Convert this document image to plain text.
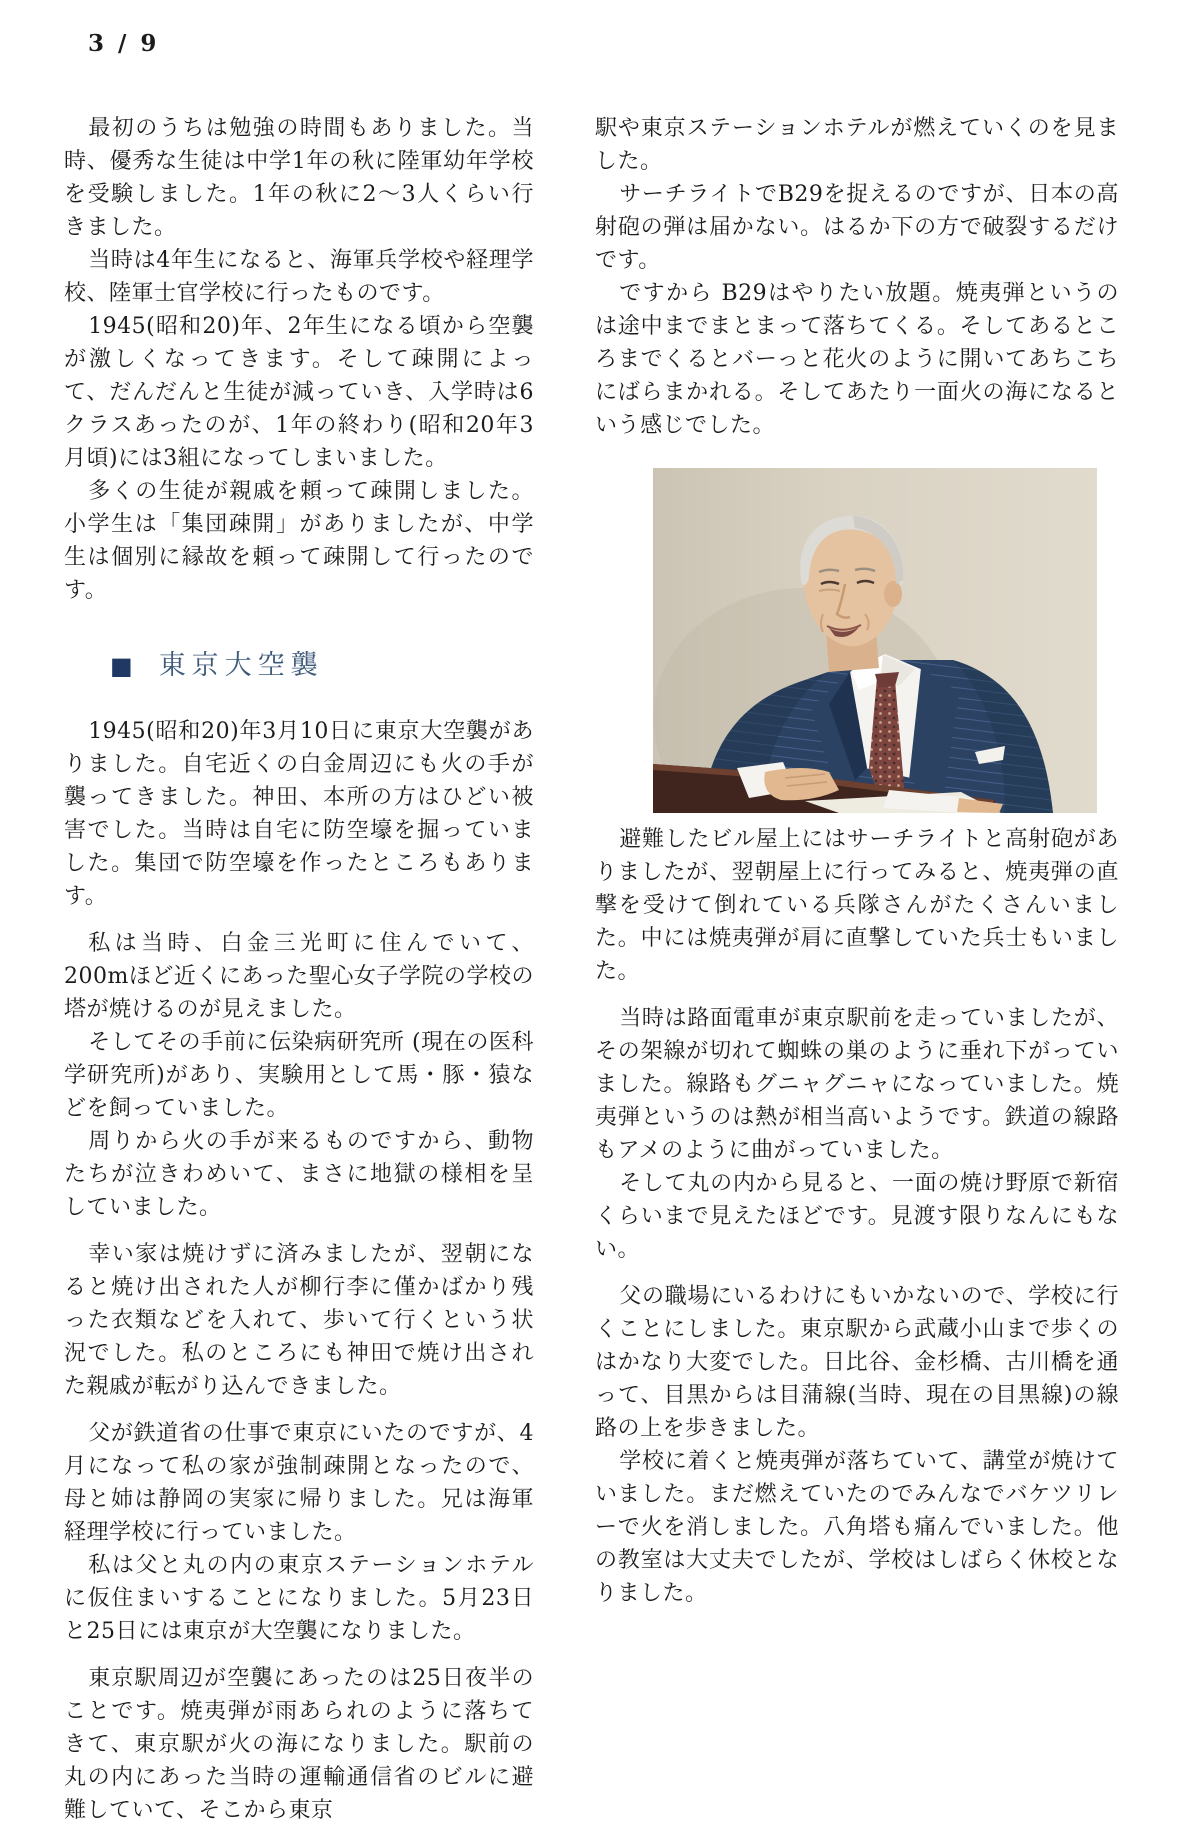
3 / 9

最初のうちは勉強の時間もありました。当時、優秀な生徒は中学1年の秋に陸軍幼年学校を受験しました。1年の秋に2〜3人くらい行きました。

当時は4年生になると、海軍兵学校や経理学校、陸軍士官学校に行ったものです。

1945(昭和20)年、2年生になる頃から空襲が激しくなってきます。そして疎開によって、だんだんと生徒が減っていき、入学時は6クラスあったのが、1年の終わり(昭和20年3月頃)には3組になってしまいました。

多くの生徒が親戚を頼って疎開しました。小学生は「集団疎開」がありましたが、中学生は個別に縁故を頼って疎開して行ったのです。

■ 東京大空襲

1945(昭和20)年3月10日に東京大空襲がありました。自宅近くの白金周辺にも火の手が襲ってきました。神田、本所の方はひどい被害でした。当時は自宅に防空壕を掘っていました。集団で防空壕を作ったところもあります。

私は当時、白金三光町に住んでいて、200mほど近くにあった聖心女子学院の学校の塔が焼けるのが見えました。

そしてその手前に伝染病研究所 (現在の医科学研究所)があり、実験用として馬・豚・猿などを飼っていました。

周りから火の手が来るものですから、動物たちが泣きわめいて、まさに地獄の様相を呈していました。

幸い家は焼けずに済みましたが、翌朝になると焼け出された人が柳行李に僅かばかり残った衣類などを入れて、歩いて行くという状況でした。私のところにも神田で焼け出された親戚が転がり込んできました。

父が鉄道省の仕事で東京にいたのですが、4月になって私の家が強制疎開となったので、母と姉は静岡の実家に帰りました。兄は海軍経理学校に行っていました。

私は父と丸の内の東京ステーションホテルに仮住まいすることになりました。5月23日と25日には東京が大空襲になりました。

東京駅周辺が空襲にあったのは25日夜半のことです。焼夷弾が雨あられのように落ちてきて、東京駅が火の海になりました。駅前の丸の内にあった当時の運輸通信省のビルに避難していて、そこから東京

駅や東京ステーションホテルが燃えていくのを見ました。

サーチライトでB29を捉えるのですが、日本の高射砲の弾は届かない。はるか下の方で破裂するだけです。

ですから B29はやりたい放題。焼夷弾というのは途中までまとまって落ちてくる。そしてあるところまでくるとバーっと花火のように開いてあちこちにばらまかれる。そしてあたり一面火の海になるという感じでした。

避難したビル屋上にはサーチライトと高射砲がありましたが、翌朝屋上に行ってみると、焼夷弾の直撃を受けて倒れている兵隊さんがたくさんいました。中には焼夷弾が肩に直撃していた兵士もいました。

当時は路面電車が東京駅前を走っていましたが、その架線が切れて蜘蛛の巣のように垂れ下がっていました。線路もグニャグニャになっていました。焼夷弾というのは熱が相当高いようです。鉄道の線路もアメのように曲がっていました。

そして丸の内から見ると、一面の焼け野原で新宿くらいまで見えたほどです。見渡す限りなんにもない。

父の職場にいるわけにもいかないので、学校に行くことにしました。東京駅から武蔵小山まで歩くのはかなり大変でした。日比谷、金杉橋、古川橋を通って、目黒からは目蒲線(当時、現在の目黒線)の線路の上を歩きました。

学校に着くと焼夷弾が落ちていて、講堂が焼けていました。まだ燃えていたのでみんなでバケツリレーで火を消しました。八角塔も痛んでいました。他の教室は大丈夫でしたが、学校はしばらく休校となりました。
